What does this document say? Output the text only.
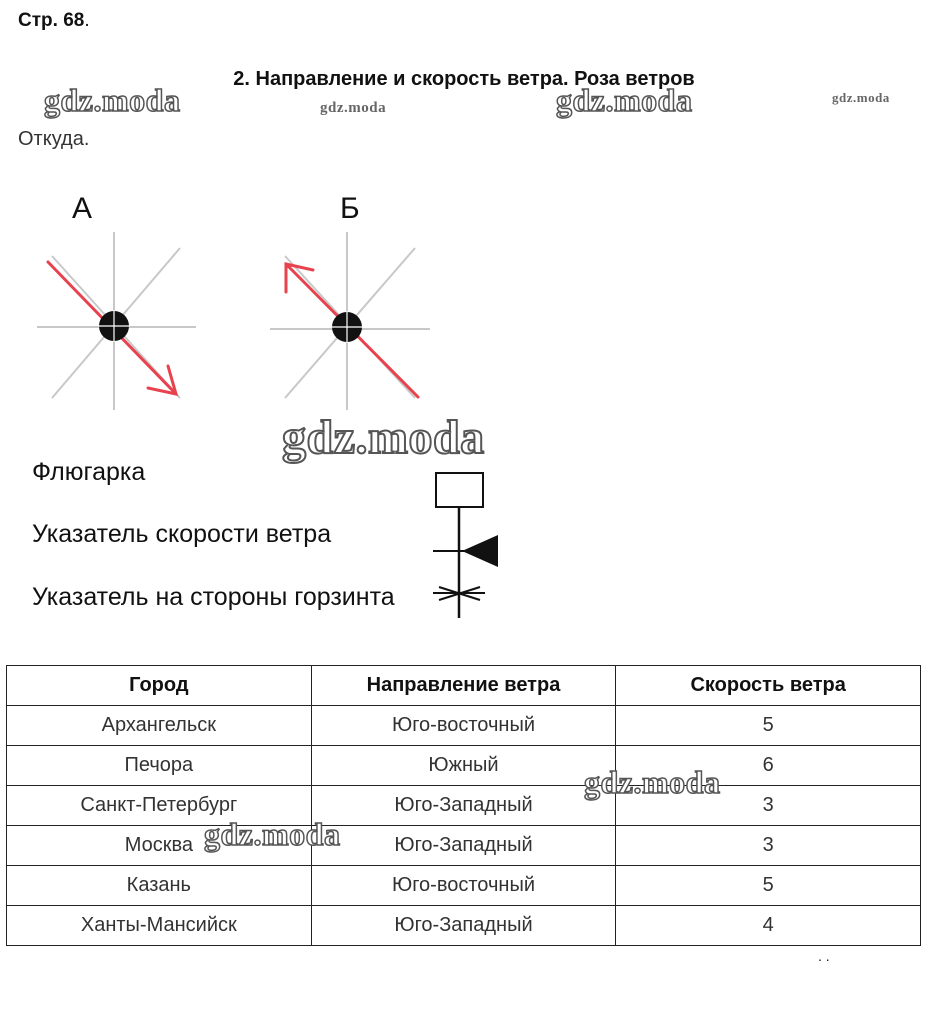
Стр. 68.
2. Направление и скорость ветра. Роза ветров
gdz.moda	gdz.moda	gdz.moda	gdz.moda
Откуда.
А	Б
gdz.moda
Флюгарка
Указатель скорости ветра
Указатель на стороны горзинта
Город	Направление ветра	Скорость ветра
Архангельск	Юго-восточный	5
Печора	Южный	6
Санкт-Петербург	Юго-Западный	3
Москва	Юго-Западный	3
Казань	Юго-восточный	5
Ханты-Мансийск	Юго-Западный	4
gdz.moda
gdz.moda
. .
